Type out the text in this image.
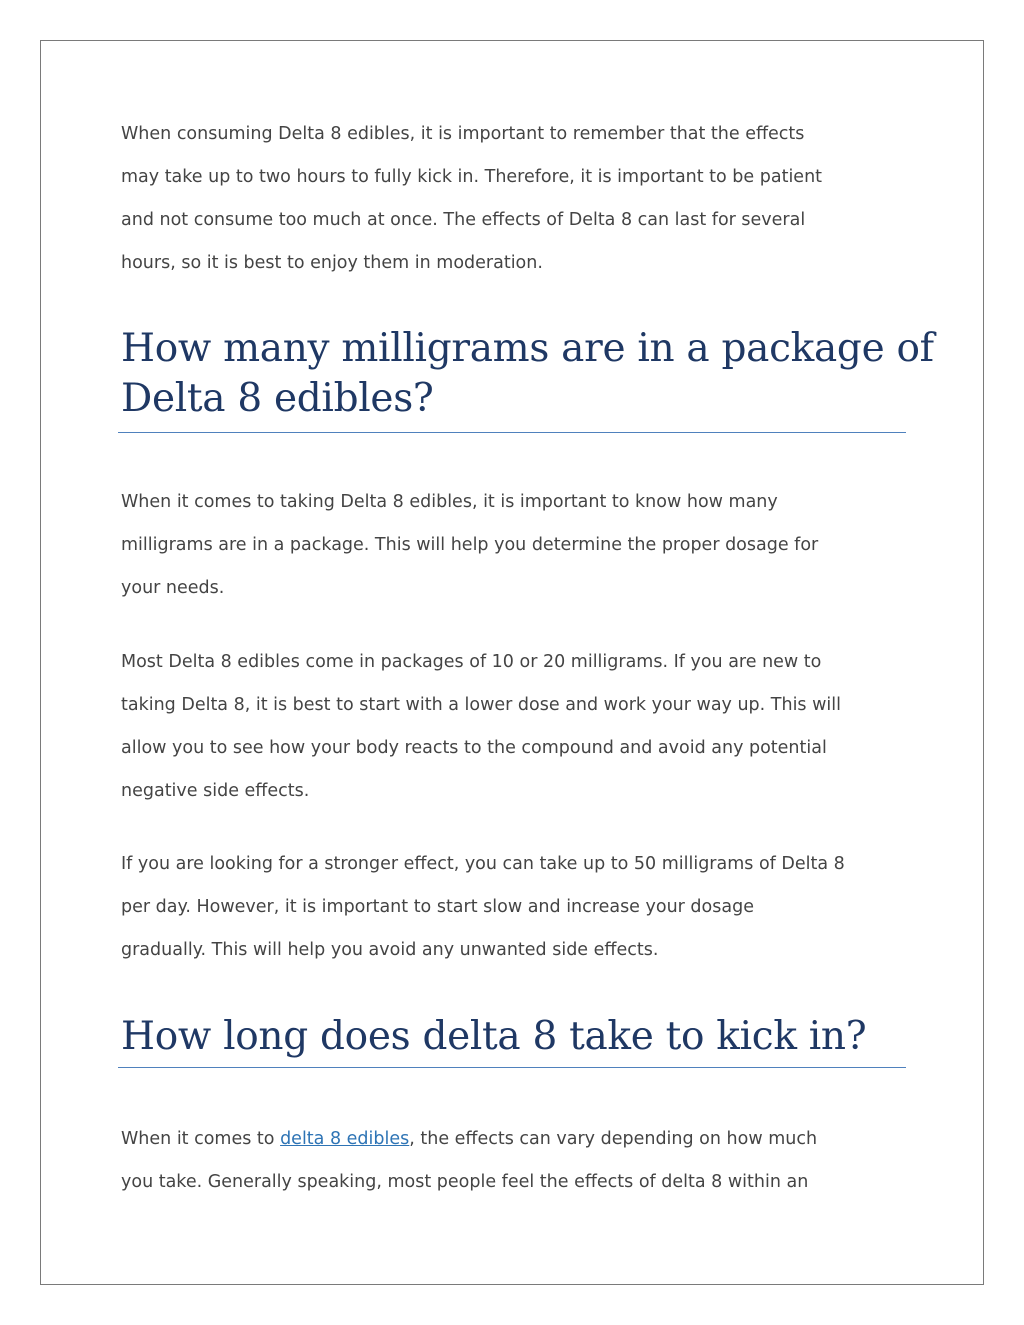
When consuming Delta 8 edibles, it is important to remember that the effects
may take up to two hours to fully kick in. Therefore, it is important to be patient
and not consume too much at once. The effects of Delta 8 can last for several
hours, so it is best to enjoy them in moderation.

How many milligrams are in a package of
Delta 8 edibles?

When it comes to taking Delta 8 edibles, it is important to know how many
milligrams are in a package. This will help you determine the proper dosage for
your needs.

Most Delta 8 edibles come in packages of 10 or 20 milligrams. If you are new to
taking Delta 8, it is best to start with a lower dose and work your way up. This will
allow you to see how your body reacts to the compound and avoid any potential
negative side effects.

If you are looking for a stronger effect, you can take up to 50 milligrams of Delta 8
per day. However, it is important to start slow and increase your dosage
gradually. This will help you avoid any unwanted side effects.

How long does delta 8 take to kick in?

When it comes to delta 8 edibles, the effects can vary depending on how much
you take. Generally speaking, most people feel the effects of delta 8 within an
